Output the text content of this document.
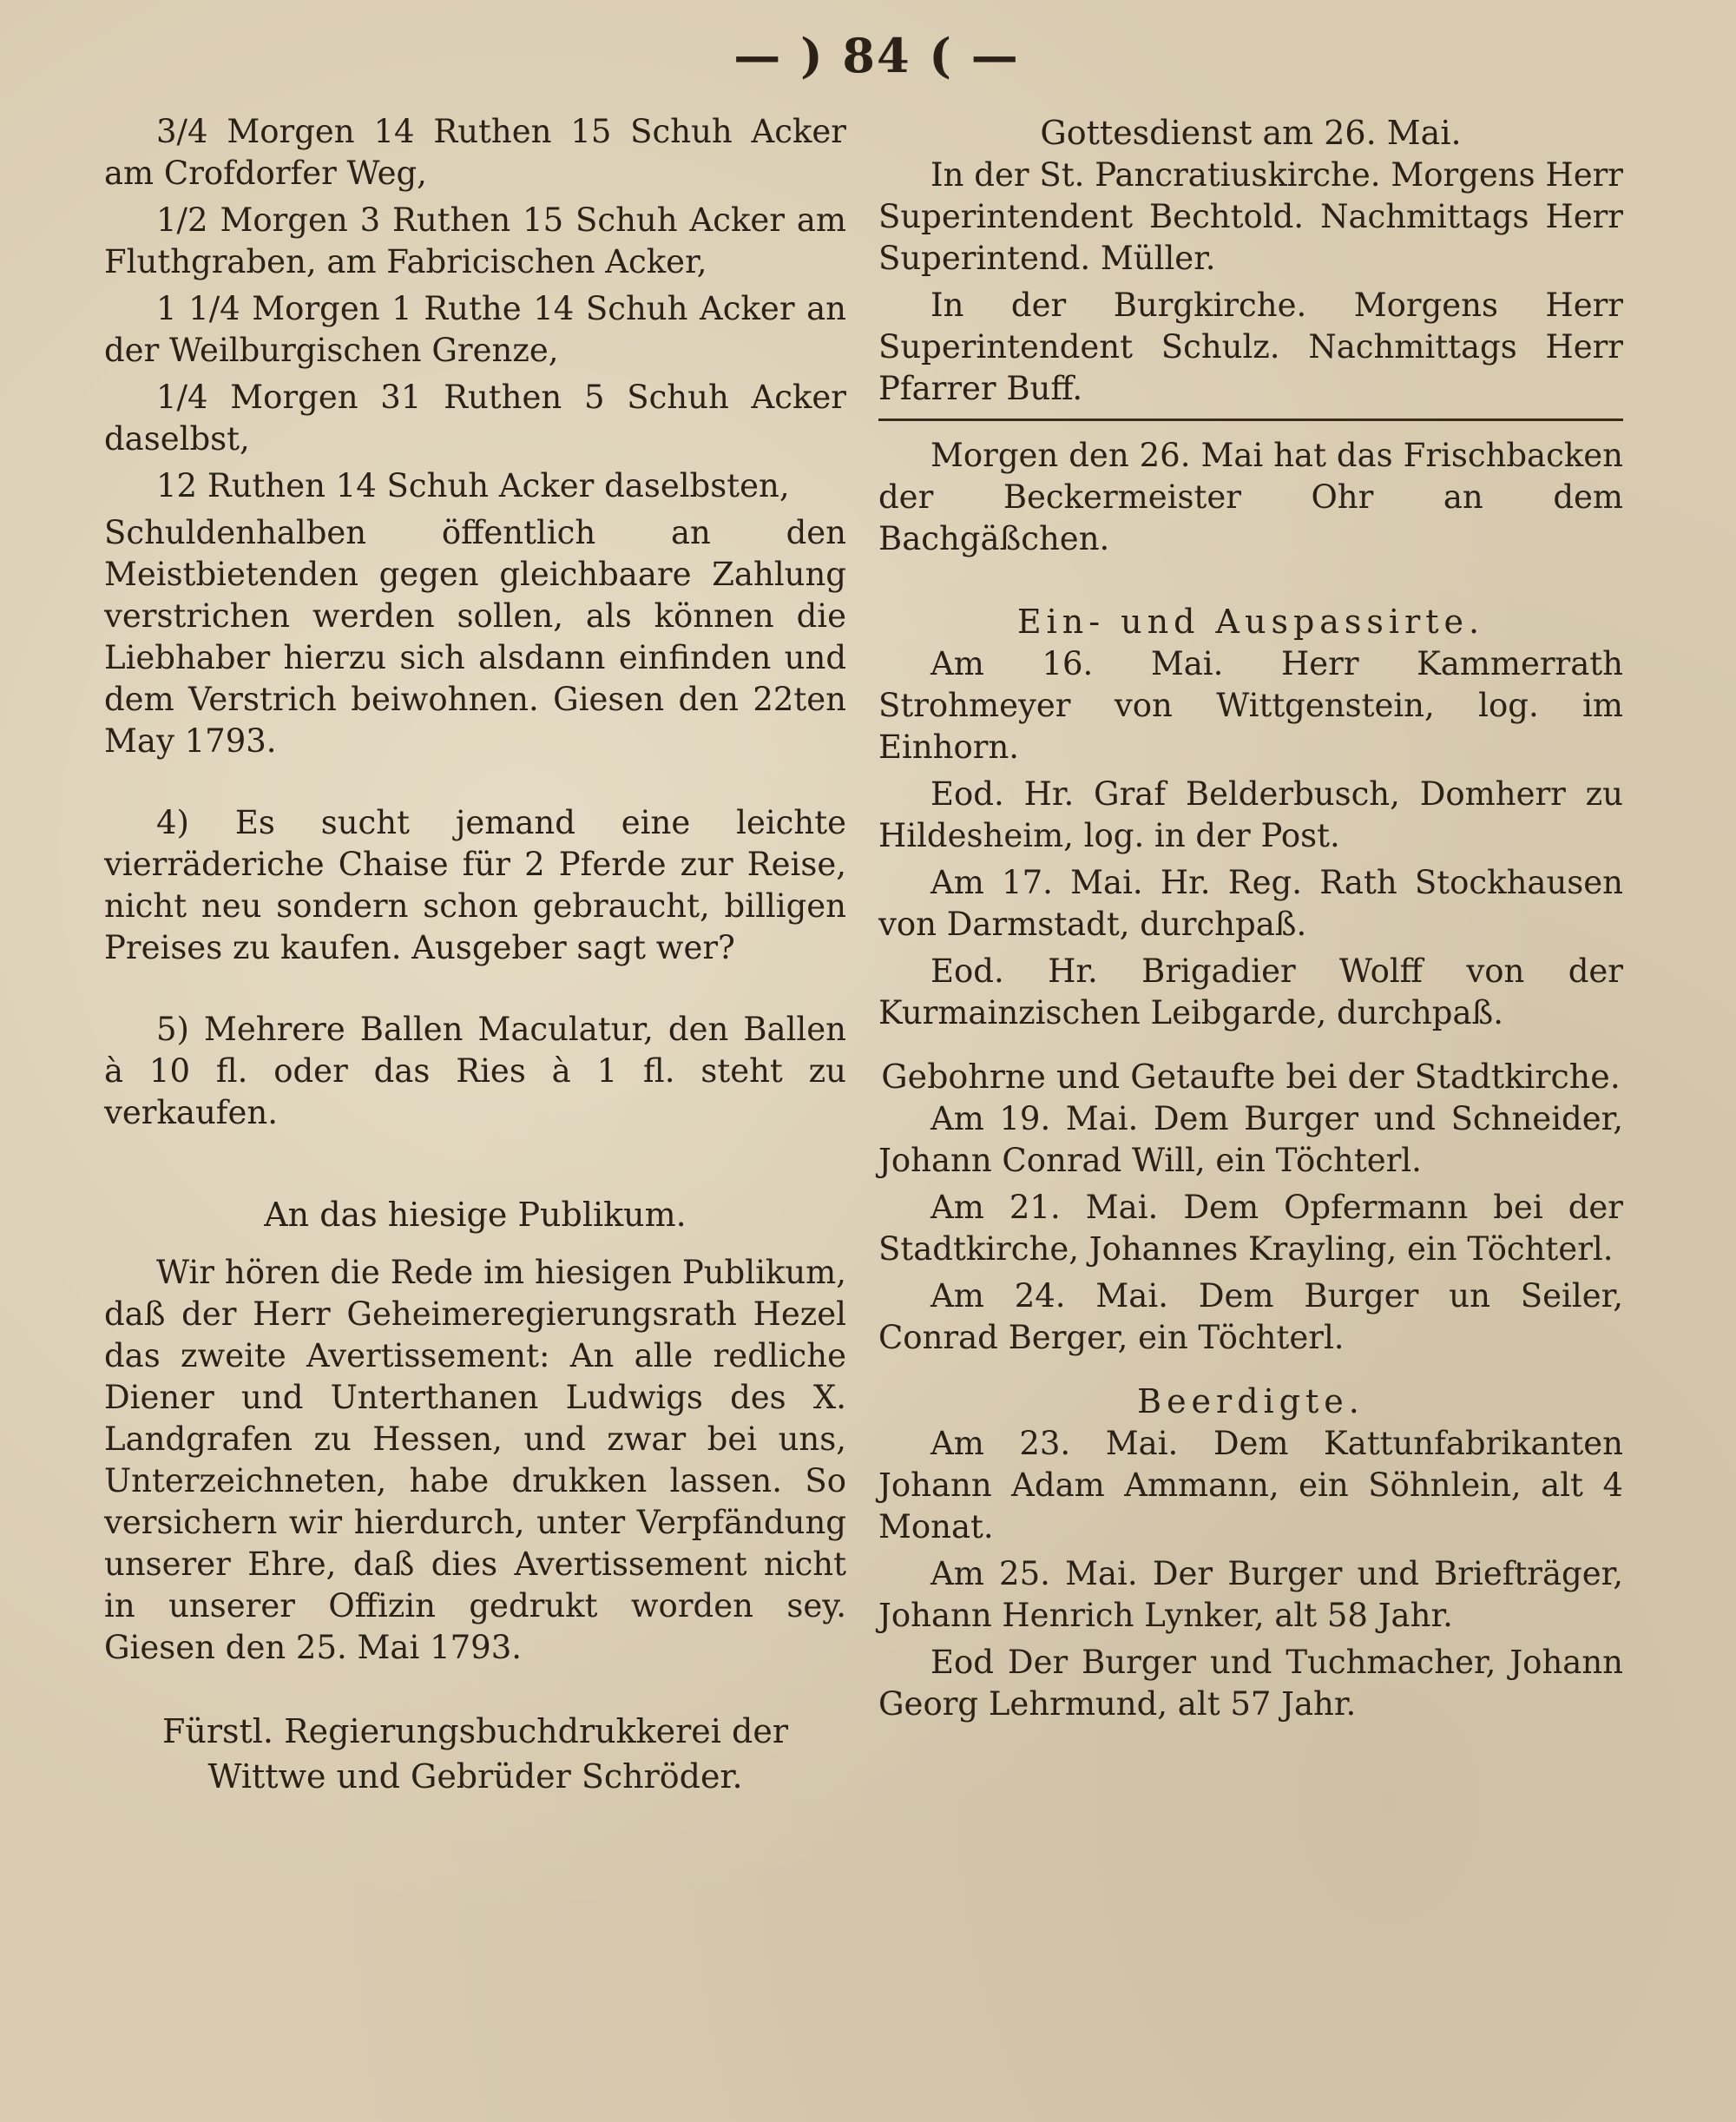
— ) 84 ( —

3/4 Morgen 14 Ruthen 15 Schuh Acker am Crofdorfer Weg,

1/2 Morgen 3 Ruthen 15 Schuh Acker am Fluthgraben, am Fabricischen Acker,

1 1/4 Morgen 1 Ruthe 14 Schuh Acker an der Weilburgischen Grenze,

1/4 Morgen 31 Ruthen 5 Schuh Acker daselbst,

12 Ruthen 14 Schuh Acker daselbsten,

Schuldenhalben öffentlich an den Meistbietenden gegen gleichbaare Zahlung verstrichen werden sollen, als können die Liebhaber hierzu sich alsdann einfinden und dem Verstrich beiwohnen. Giesen den 22ten May 1793.

4) Es sucht jemand eine leichte vierräderiche Chaise für 2 Pferde zur Reise, nicht neu sondern schon gebraucht, billigen Preises zu kaufen. Ausgeber sagt wer?

5) Mehrere Ballen Maculatur, den Ballen à 10 fl. oder das Ries à 1 fl. steht zu verkaufen.

An das hiesige Publikum.

Wir hören die Rede im hiesigen Publikum, daß der Herr Geheimeregierungsrath Hezel das zweite Avertissement: An alle redliche Diener und Unterthanen Ludwigs des X. Landgrafen zu Hessen, und zwar bei uns, Unterzeichneten, habe drukken lassen. So versichern wir hierdurch, unter Verpfändung unserer Ehre, daß dies Avertissement nicht in unserer Offizin gedrukt worden sey. Giesen den 25. Mai 1793.

Fürstl. Regierungsbuchdrukkerei der

Wittwe und Gebrüder Schröder.

Gottesdienst am 26. Mai.

In der St. Pancratiuskirche. Morgens Herr Superintendent Bechtold. Nachmittags Herr Superintend. Müller.

In der Burgkirche. Morgens Herr Superintendent Schulz. Nachmittags Herr Pfarrer Buff.

Morgen den 26. Mai hat das Frischbacken der Beckermeister Ohr an dem Bachgäßchen.

Ein- und Auspassirte.

Am 16. Mai. Herr Kammerrath Strohmeyer von Wittgenstein, log. im Einhorn.

Eod. Hr. Graf Belderbusch, Domherr zu Hildesheim, log. in der Post.

Am 17. Mai. Hr. Reg. Rath Stockhausen von Darmstadt, durchpaß.

Eod. Hr. Brigadier Wolff von der Kurmainzischen Leibgarde, durchpaß.

Gebohrne und Getaufte bei der Stadtkirche.

Am 19. Mai. Dem Burger und Schneider, Johann Conrad Will, ein Töchterl.

Am 21. Mai. Dem Opfermann bei der Stadtkirche, Johannes Krayling, ein Töchterl.

Am 24. Mai. Dem Burger un Seiler, Conrad Berger, ein Töchterl.

Beerdigte.

Am 23. Mai. Dem Kattunfabrikanten Johann Adam Ammann, ein Söhnlein, alt 4 Monat.

Am 25. Mai. Der Burger und Briefträger, Johann Henrich Lynker, alt 58 Jahr.

Eod Der Burger und Tuchmacher, Johann Georg Lehrmund, alt 57 Jahr.
